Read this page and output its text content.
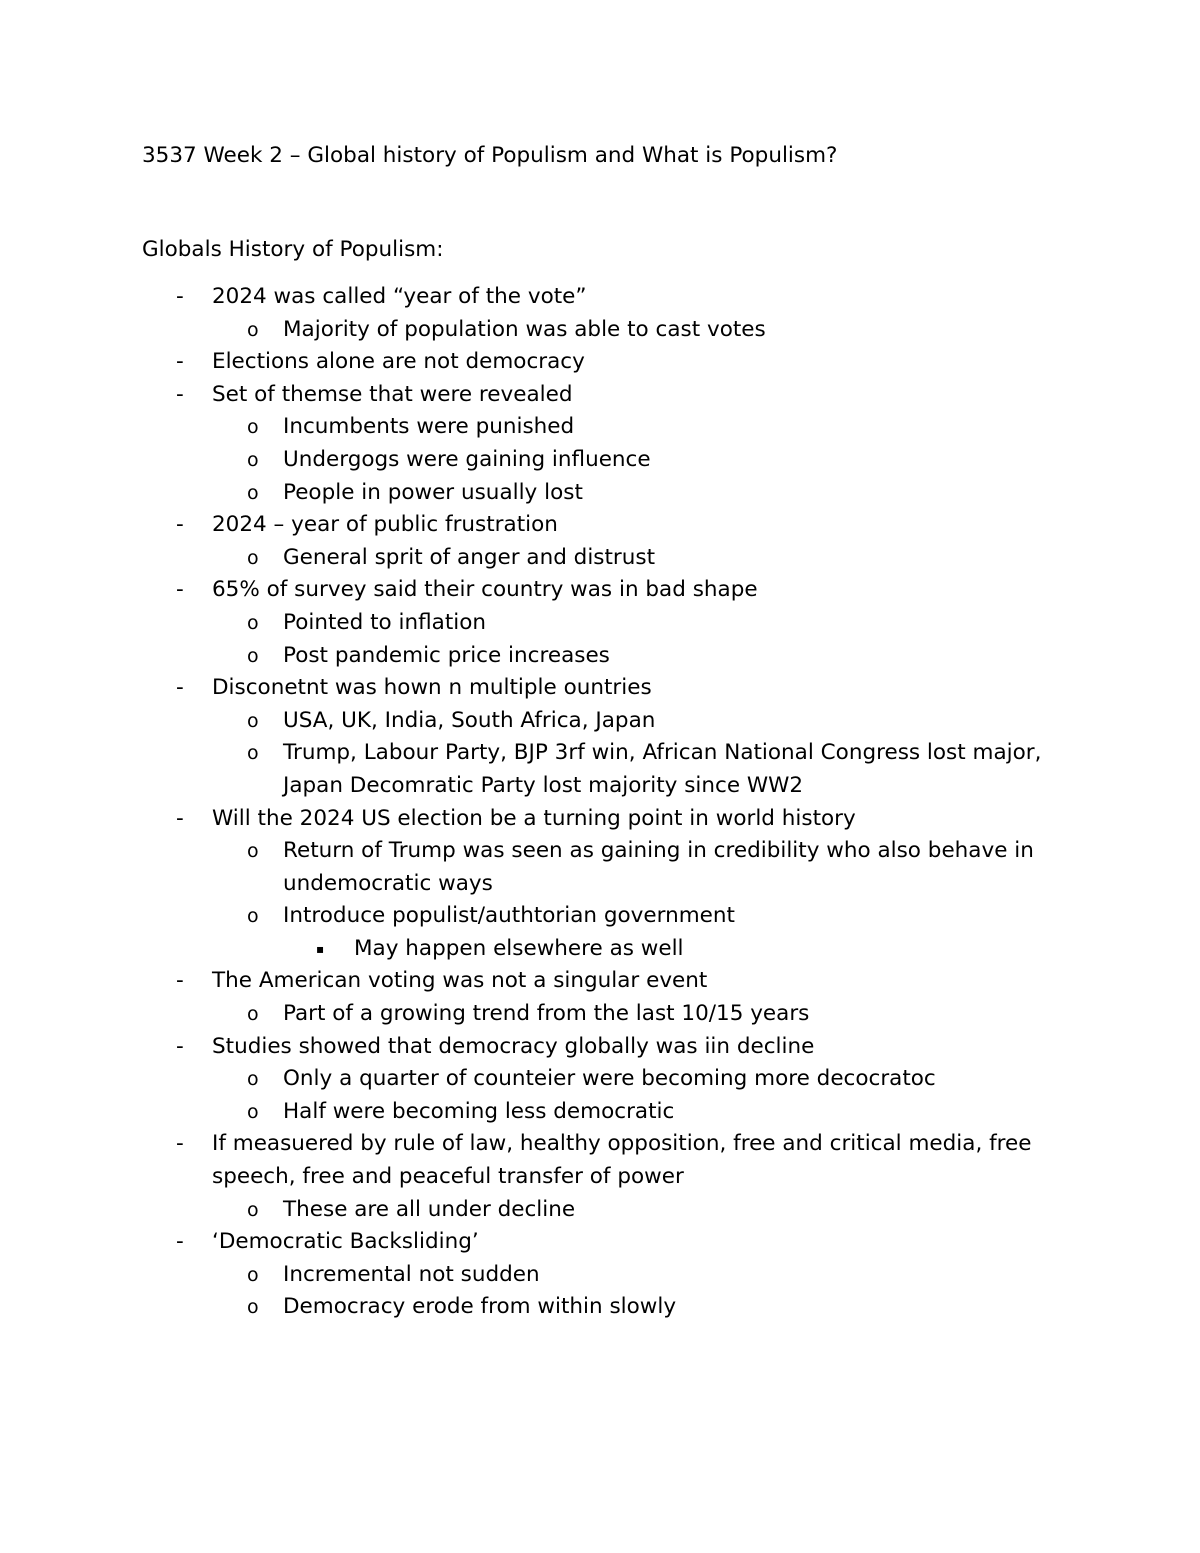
3537 Week 2 – Global history of Populism and What is Populism?
Globals History of Populism:
- 2024 was called “year of the vote”
o Majority of population was able to cast votes
- Elections alone are not democracy
- Set of themse that were revealed
o Incumbents were punished
o Undergogs were gaining influence
o People in power usually lost
- 2024 – year of public frustration
o General sprit of anger and distrust
- 65% of survey said their country was in bad shape
o Pointed to inflation
o Post pandemic price increases
- Disconetnt was hown n multiple ountries
o USA, UK, India, South Africa, Japan
o Trump, Labour Party, BJP 3rf win, African National Congress lost major, Japan Decomratic Party lost majority since WW2
- Will the 2024 US election be a turning point in world history
o Return of Trump was seen as gaining in credibility who also behave in undemocratic ways
o Introduce populist/authtorian government
▪ May happen elsewhere as well
- The American voting was not a singular event
o Part of a growing trend from the last 10/15 years
- Studies showed that democracy globally was iin decline
o Only a quarter of counteier were becoming more decocratoc
o Half were becoming less democratic
- If measuered by rule of law, healthy opposition, free and critical media, free speech, free and peaceful transfer of power
o These are all under decline
- ‘Democratic Backsliding’
o Incremental not sudden
o Democracy erode from within slowly
